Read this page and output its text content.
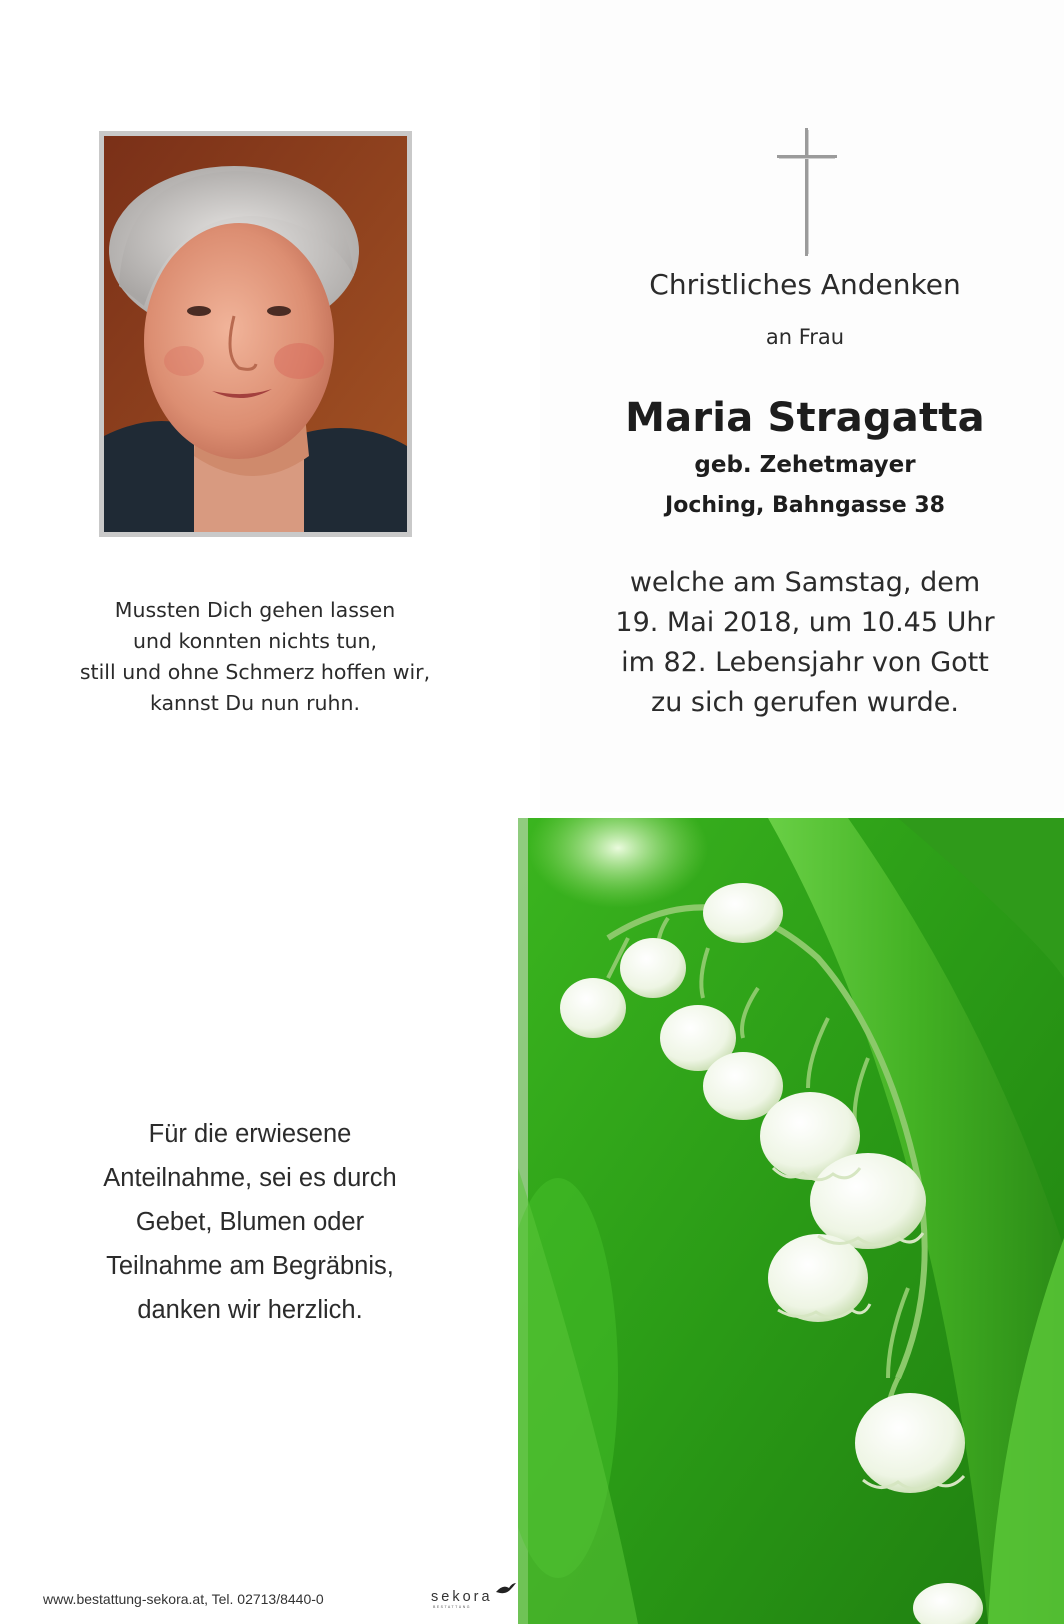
Mussten Dich gehen lassen
und konnten nichts tun,
still und ohne Schmerz hoffen wir,
kannst Du nun ruhn.
Christliches Andenken
an Frau
Maria Stragatta
geb. Zehetmayer
Joching, Bahngasse 38
welche am Samstag, dem
19. Mai 2018, um 10.45 Uhr
im 82. Lebensjahr von Gott
zu sich gerufen wurde.
Für die erwiesene
Anteilnahme, sei es durch
Gebet, Blumen oder
Teilnahme am Begräbnis,
danken wir herzlich.
www.bestattung-sekora.at, Tel. 02713/8440-0	sekora
BESTATTUNG
